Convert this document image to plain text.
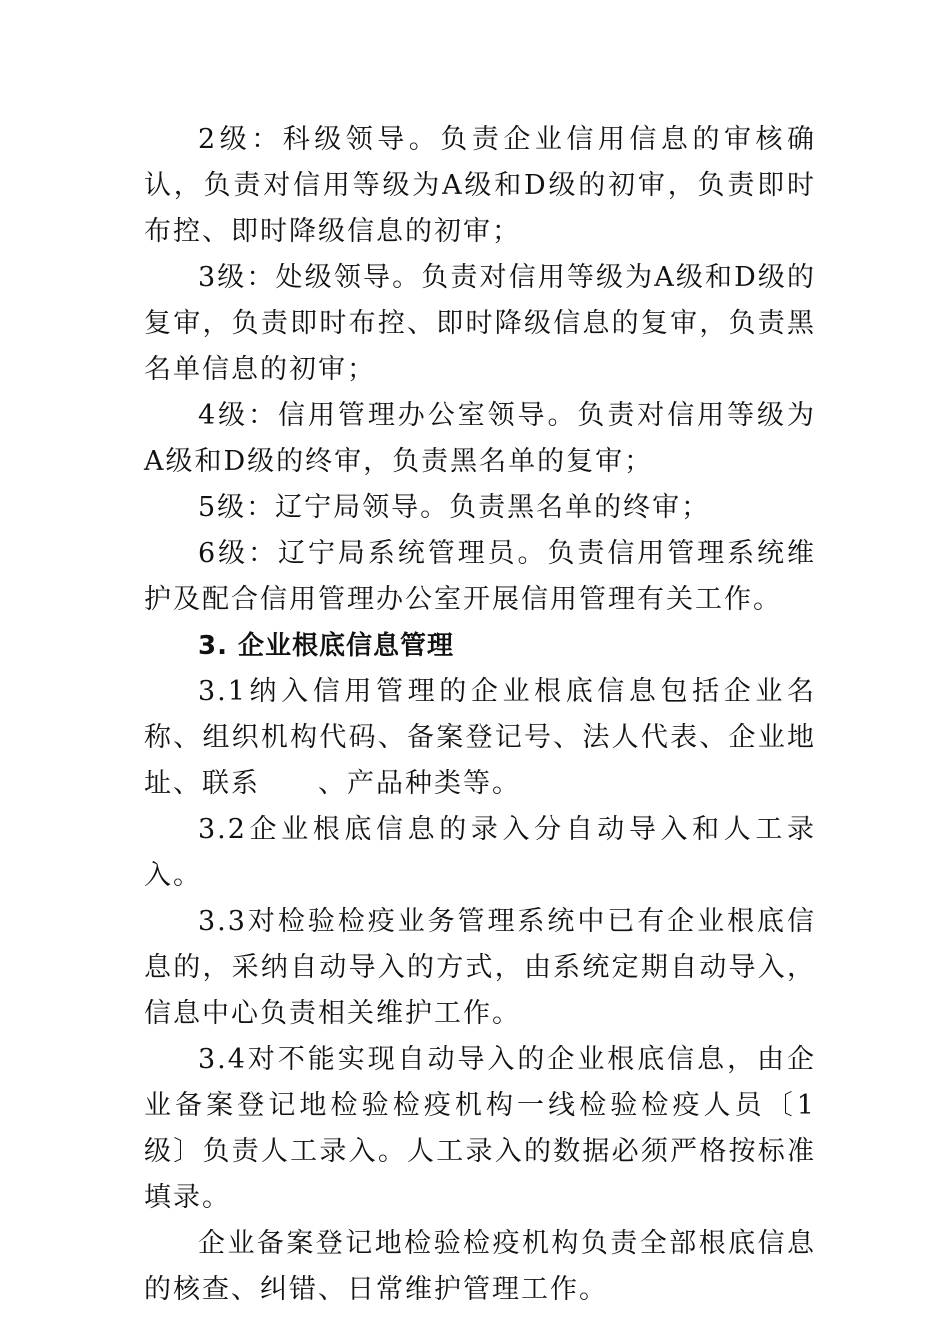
2级：科级领导。负责企业信用信息的审核确认，负责对信用等级为A级和D级的初审，负责即时布控、即时降级信息的初审；

3级：处级领导。负责对信用等级为A级和D级的复审，负责即时布控、即时降级信息的复审，负责黑名单信息的初审；

4级：信用管理办公室领导。负责对信用等级为A级和D级的终审，负责黑名单的复审；

5级：辽宁局领导。负责黑名单的终审；

6级：辽宁局系统管理员。负责信用管理系统维护及配合信用管理办公室开展信用管理有关工作。

3. 企业根底信息管理

3.1纳入信用管理的企业根底信息包括企业名称、组织机构代码、备案登记号、法人代表、企业地址、联系　　、产品种类等。

3.2企业根底信息的录入分自动导入和人工录入。

3.3对检验检疫业务管理系统中已有企业根底信息的，采纳自动导入的方式，由系统定期自动导入，信息中心负责相关维护工作。

3.4对不能实现自动导入的企业根底信息，由企业备案登记地检验检疫机构一线检验检疫人员〔1级〕负责人工录入。人工录入的数据必须严格按标准填录。

企业备案登记地检验检疫机构负责全部根底信息的核查、纠错、日常维护管理工作。
